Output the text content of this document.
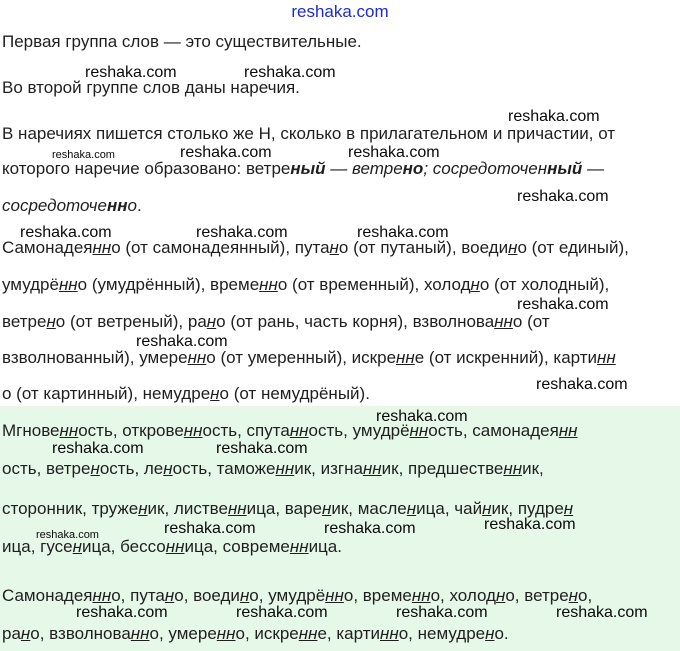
reshaka.com
Первая группа слов — это существительные.
Во второй группе слов даны наречия.
В наречиях пишется столько же Н, сколько в прилагательном и причастии, от
которого наречие образовано: ветреный — ветрено; сосредоточенный —
сосредоточенно.
Самонадеянно (от самонадеянный), путано (от путаный), воедино (от единый),
умудрённо (умудрённый), временно (от временный), холодно (от холодный),
ветрено (от ветреный), рано (от рань, часть корня), взволнованно (от
взволнованный), умеренно (от умеренный), искренне (от искренний), картинн
о (от картинный), немудрено (от немудрёный).
Мгновенность, откровенность, спутанность, умудрённость, самонадеянн
ость, ветреность, леность, таможенник, изгнанник, предшественник,
сторонник, труженик, лиственница, вареник, масленица, чайник, пудрен
ица, гусеница, бессонница, современница.
Самонадеянно, путано, воедино, умудрённо, временно, холодно, ветрено,
рано, взволнованно, умеренно, искренне, картинно, немудрено.
reshaka.com	reshaka.com
reshaka.com
reshaka.com	reshaka.com	reshaka.com
reshaka.com
reshaka.com	reshaka.com	reshaka.com
reshaka.com
reshaka.com
reshaka.com
reshaka.com
reshaka.com	reshaka.com
reshaka.com	reshaka.com	reshaka.com	reshaka.com
reshaka.com	reshaka.com	reshaka.com	reshaka.com
